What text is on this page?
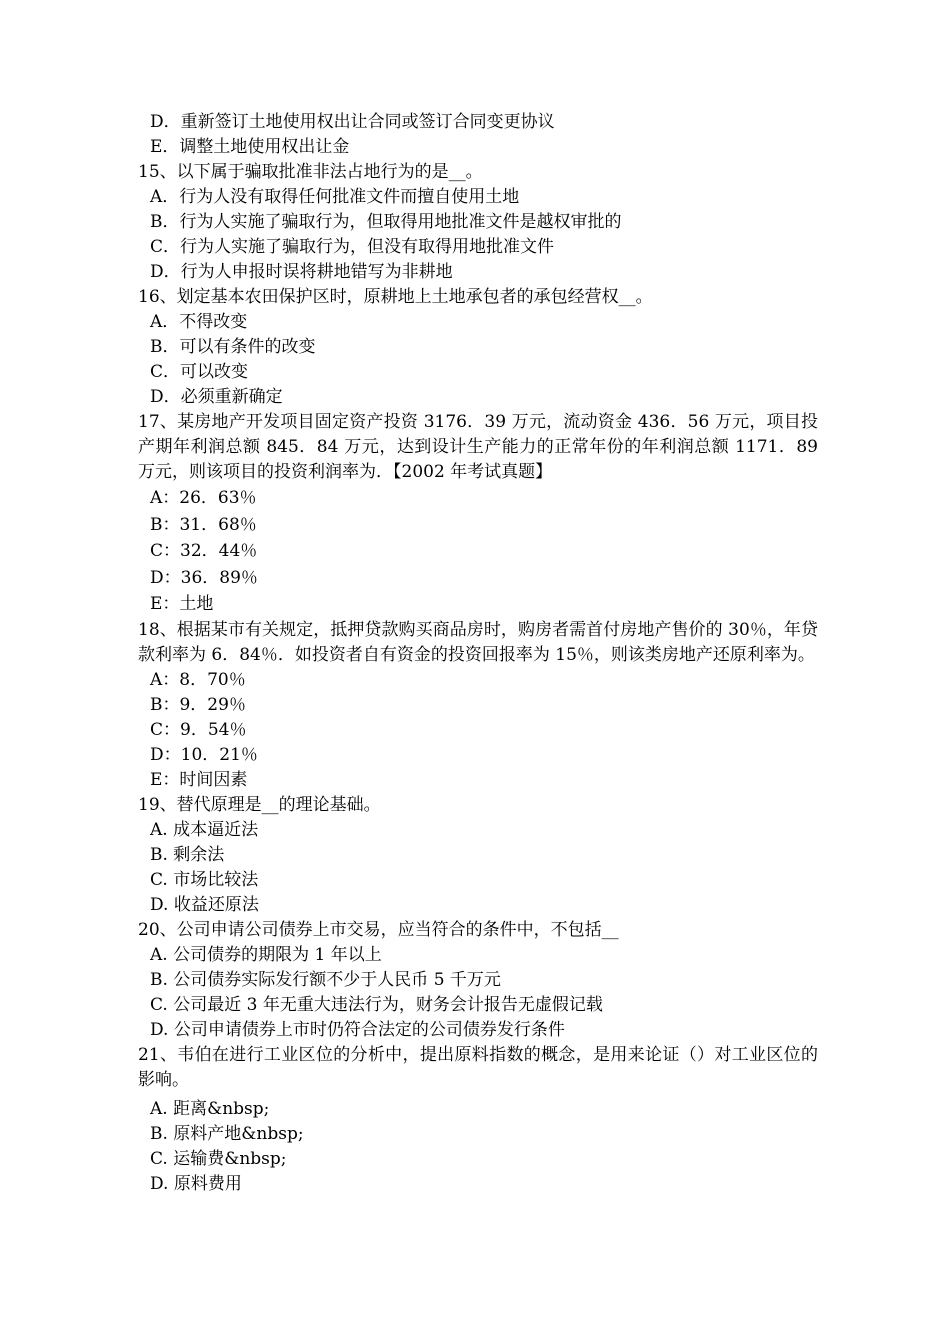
D．重新签订土地使用权出让合同或签订合同变更协议
E．调整土地使用权出让金
15、以下属于骗取批准非法占地行为的是__。
A．行为人没有取得任何批准文件而擅自使用土地
B．行为人实施了骗取行为，但取得用地批准文件是越权审批的
C．行为人实施了骗取行为，但没有取得用地批准文件
D．行为人申报时误将耕地错写为非耕地
16、划定基本农田保护区时，原耕地上土地承包者的承包经营权__。
A．不得改变
B．可以有条件的改变
C．可以改变
D．必须重新确定
17、某房地产开发项目固定资产投资 3176．39 万元，流动资金 436．56 万元，项目投产期年利润总额 845．84 万元，达到设计生产能力的正常年份的年利润总额 1171．89 万元，则该项目的投资利润率为．【2002 年考试真题】
A：26．63％
B：31．68％
C：32．44％
D：36．89％
E：土地
18、根据某市有关规定，抵押贷款购买商品房时，购房者需首付房地产售价的 30％，年贷款利率为 6．84％．如投资者自有资金的投资回报率为 15％，则该类房地产还原利率为。
A：8．70％
B：9．29％
C：9．54％
D：10．21％
E：时间因素
19、替代原理是__的理论基础。
A. 成本逼近法
B. 剩余法
C. 市场比较法
D. 收益还原法
20、公司申请公司债券上市交易，应当符合的条件中，不包括__
A. 公司债券的期限为 1 年以上
B. 公司债券实际发行额不少于人民币 5 千万元
C. 公司最近 3 年无重大违法行为，财务会计报告无虚假记载
D. 公司申请债券上市时仍符合法定的公司债券发行条件
21、韦伯在进行工业区位的分析中，提出原料指数的概念，是用来论证（）对工业区位的影响。
A. 距离&nbsp;
B. 原料产地&nbsp;
C. 运输费&nbsp;
D. 原料费用
